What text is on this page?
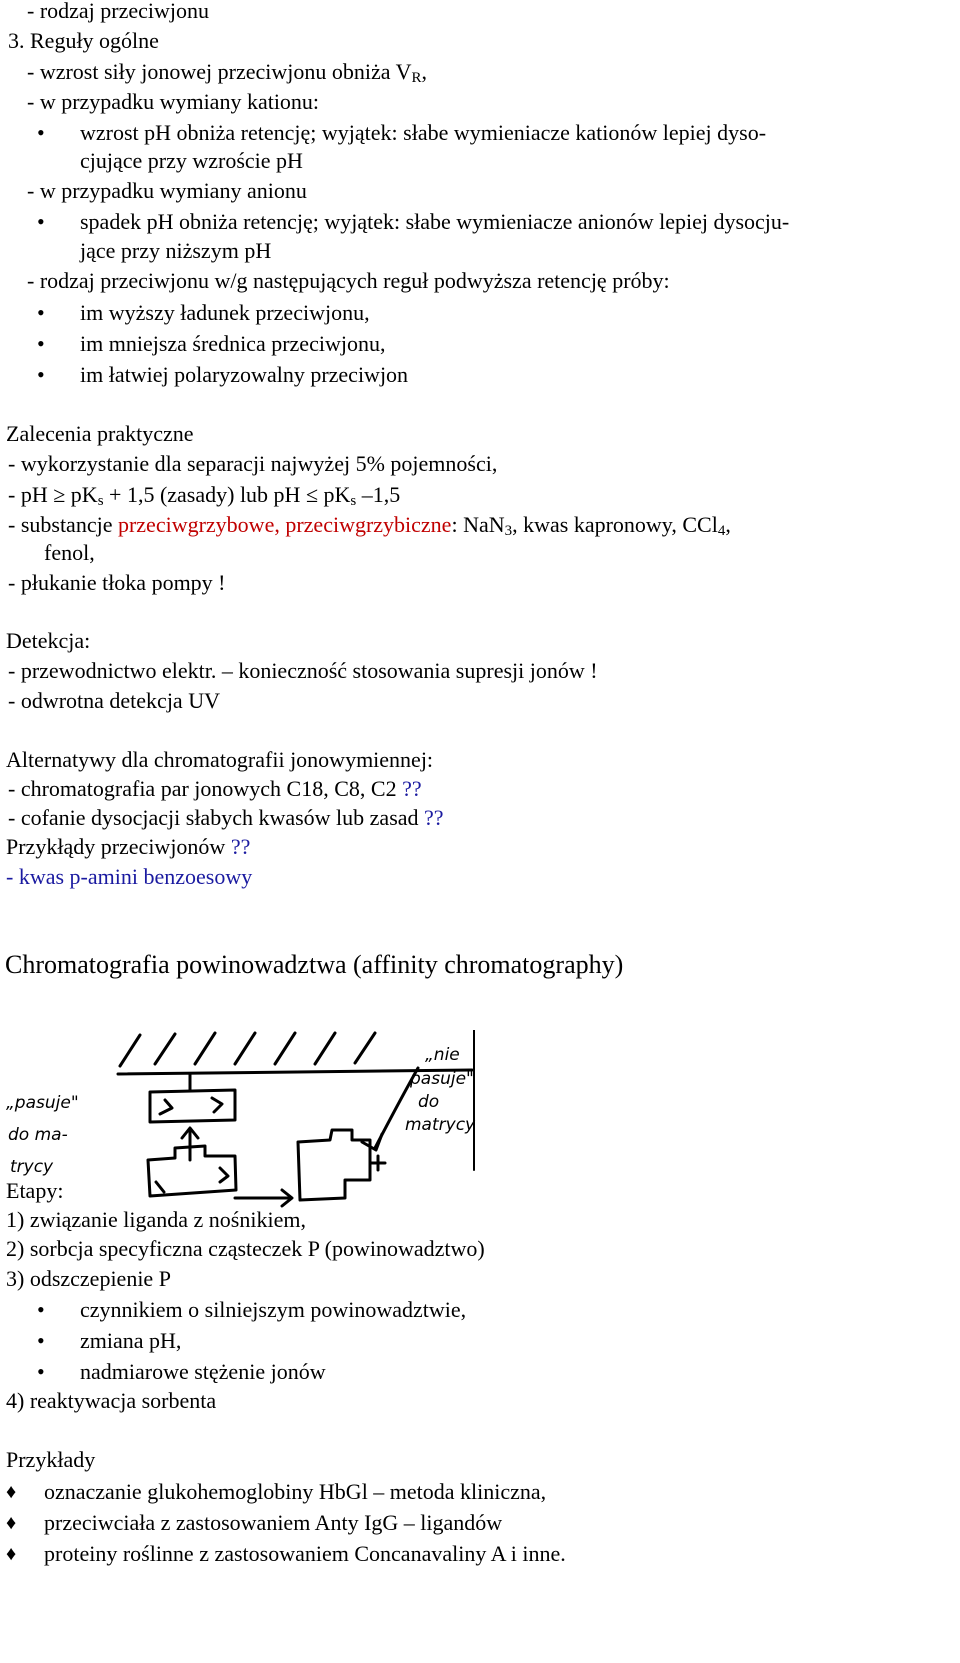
- rodzaj przeciwjonu
3. Reguły ogólne
- wzrost siły jonowej przeciwjonu obniża $V_R$,
- w przypadku wymiany kationu:
• wzrost pH obniża retencję; wyjątek: słabe wymieniacze kationów lepiej dyso-
cjujące przy wzroście pH
- w przypadku wymiany anionu
• spadek pH obniża retencję; wyjątek: słabe wymieniacze anionów lepiej dysocju-
jące przy niższym pH
- rodzaj przeciwjonu w/g następujących reguł podwyższa retencję próby:
• im wyższy ładunek przeciwjonu,
• im mniejsza średnica przeciwjonu,
• im łatwiej polaryzowalny przeciwjon
Zalecenia praktyczne
- wykorzystanie dla separacji najwyżej 5% pojemności,
- pH ≥ $pK_s + 1,5$ (zasady) lub pH ≤ $pK_s$ –1,5
- substancje przeciwgrzybowe, przeciwgrzybiczne: NaN$_3$, kwas kapronowy, CCl$_4$,
fenol,
- płukanie tłoka pompy !
Detekcja:
- przewodnictwo elektr. – konieczność stosowania supresji jonów !
- odwrotna detekcja UV
Alternatywy dla chromatografii jonowymiennej:
- chromatografia par jonowych C18, C8, C2 ??
- cofanie dysocjacji słabych kwasów lub zasad ??
Przykłądy przeciwjonów ??
- kwas p-amini benzoesowy
Chromatografia powinowadztwa (affinity chromatography)
„pasuje"
do ma-
trycy
„nie
pasuje"
do
matrycy
Etapy:
1) związanie liganda z nośnikiem,
2) sorbcja specyficzna cząsteczek P (powinowadztwo)
3) odszczepienie P
• czynnikiem o silniejszym powinowadztwie,
• zmiana pH,
• nadmiarowe stężenie jonów
4) reaktywacja sorbenta
Przykłady
♦ oznaczanie glukohemoglobiny HbGl – metoda kliniczna,
♦ przeciwciała z zastosowaniem Anty IgG – ligandów
♦ proteiny roślinne z zastosowaniem Concanavaliny A i inne.
